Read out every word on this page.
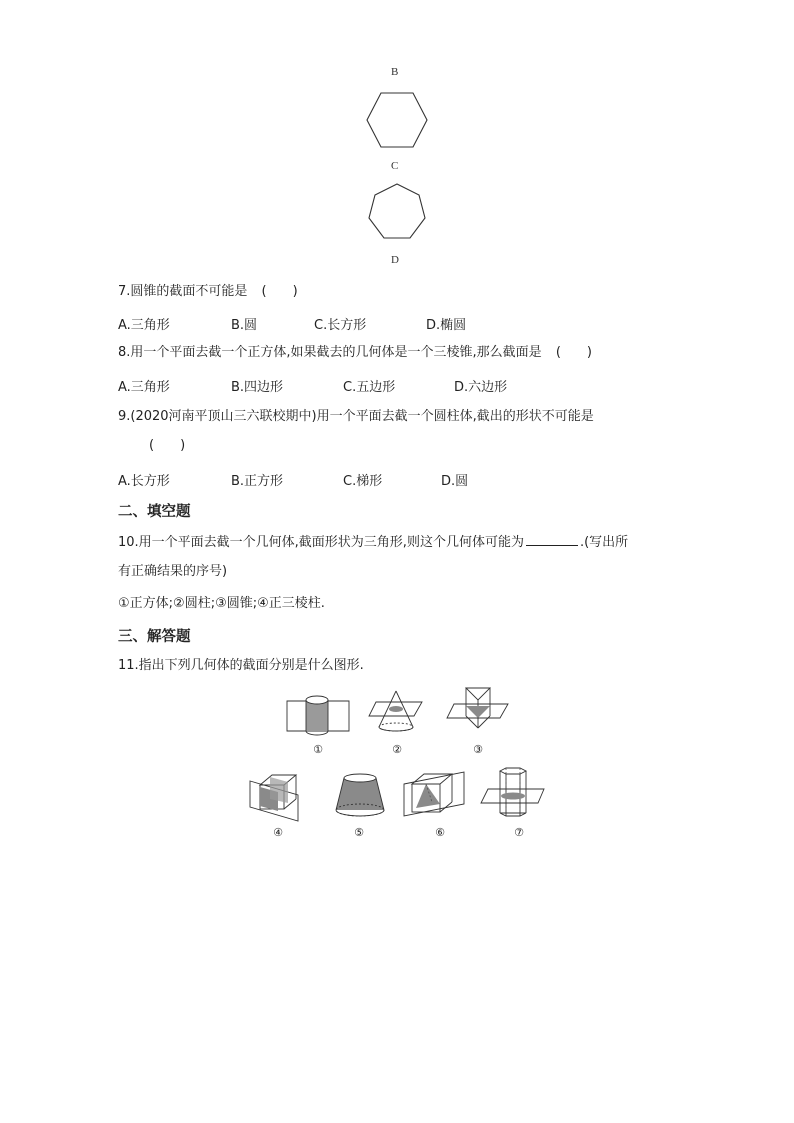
B
C
D
7.圆锥的截面不可能是 (　　)
A.三角形	B.圆	C.长方形	D.椭圆
8.用一个平面去截一个正方体,如果截去的几何体是一个三棱锥,那么截面是 (　　)
A.三角形	B.四边形	C.五边形	D.六边形
9.(2020河南平顶山三六联校期中)用一个平面去截一个圆柱体,截出的形状不可能是
(　　)
A.长方形	B.正方形	C.梯形	D.圆
二、填空题
10.用一个平面去截一个几何体,截面形状为三角形,则这个几何体可能为	.(写出所
有正确结果的序号)
①正方体;②圆柱;③圆锥;④正三棱柱.
三、解答题
11.指出下列几何体的截面分别是什么图形.
①	②	③
④	⑤	⑥	⑦
